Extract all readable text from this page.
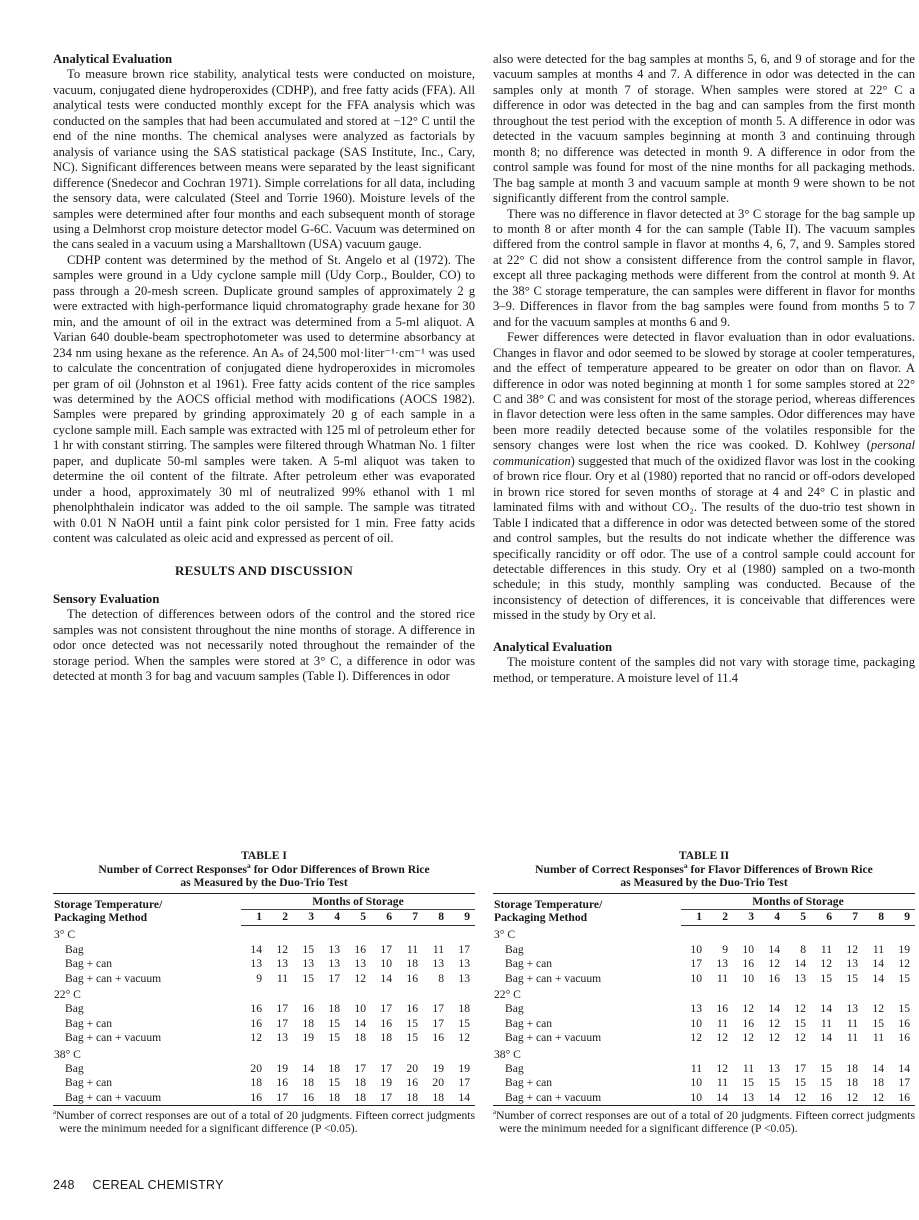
Analytical Evaluation

To measure brown rice stability, analytical tests were conducted on moisture, vacuum, conjugated diene hydroperoxides (CDHP), and free fatty acids (FFA). All analytical tests were conducted monthly except for the FFA analysis which was conducted on the samples that had been accumulated and stored at −12° C until the end of the nine months. The chemical analyses were analyzed as factorials by analysis of variance using the SAS statistical package (SAS Institute, Inc., Cary, NC). Significant differences between means were separated by the least significant difference (Snedecor and Cochran 1971). Simple correlations for all data, including the sensory data, were calculated (Steel and Torrie 1960). Moisture levels of the samples were determined after four months and each subsequent month of storage using a Delmhorst crop moisture detector model G-6C. Vacuum was determined on the cans sealed in a vacuum using a Marshalltown (USA) vacuum gauge.

CDHP content was determined by the method of St. Angelo et al (1972). The samples were ground in a Udy cyclone sample mill (Udy Corp., Boulder, CO) to pass through a 20-mesh screen. Duplicate ground samples of approximately 2 g were extracted with high-performance liquid chromatography grade hexane for 30 min, and the amount of oil in the extract was determined from a 5-ml aliquot. A Varian 640 double-beam spectrophotometer was used to determine absorbancy at 234 nm using hexane as the reference. An Aₛ of 24,500 mol·liter⁻¹·cm⁻¹ was used to calculate the concentration of conjugated diene hydroperoxides in micromoles per gram of oil (Johnston et al 1961). Free fatty acids content of the rice samples was determined by the AOCS official method with modifications (AOCS 1982). Samples were prepared by grinding approximately 20 g of each sample in a cyclone sample mill. Each sample was extracted with 125 ml of petroleum ether for 1 hr with constant stirring. The samples were filtered through Whatman No. 1 filter paper, and duplicate 50-ml samples were taken. A 5-ml aliquot was taken to determine the oil content of the filtrate. After petroleum ether was evaporated under a hood, approximately 30 ml of neutralized 99% ethanol with 1 ml phenolphthalein indicator was added to the oil sample. The sample was titrated with 0.01 N NaOH until a faint pink color persisted for 1 min. Free fatty acids content was calculated as oleic acid and expressed as percent of oil.

RESULTS AND DISCUSSION
Sensory Evaluation

The detection of differences between odors of the control and the stored rice samples was not consistent throughout the nine months of storage. A difference in odor once detected was not necessarily noted throughout the remainder of the storage period. When the samples were stored at 3° C, a difference in odor was detected at month 3 for bag and vacuum samples (Table I). Differences in odor

also were detected for the bag samples at months 5, 6, and 9 of storage and for the vacuum samples at months 4 and 7. A difference in odor was detected in the can samples only at month 7 of storage. When samples were stored at 22° C a difference in odor was detected in the bag and can samples from the first month throughout the test period with the exception of month 5. A difference in odor was detected in the vacuum samples beginning at month 3 and continuing through month 8; no difference was detected in month 9. A difference in odor from the control sample was found for most of the nine months for all packaging methods. The bag sample at month 3 and vacuum sample at month 9 were shown to be not significantly different from the control sample.

There was no difference in flavor detected at 3° C storage for the bag sample up to month 8 or after month 4 for the can sample (Table II). The vacuum samples differed from the control sample in flavor at months 4, 6, 7, and 9. Samples stored at 22° C did not show a consistent difference from the control sample in flavor, except all three packaging methods were different from the control at month 9. At the 38° C storage temperature, the can samples were different in flavor for months 3–9. Differences in flavor from the bag samples were found from months 5 to 7 and for the vacuum samples at months 6 and 9.

Fewer differences were detected in flavor evaluation than in odor evaluations. Changes in flavor and odor seemed to be slowed by storage at cooler temperatures, and the effect of temperature appeared to be greater on odor than on flavor. A difference in odor was noted beginning at month 1 for some samples stored at 22° C and 38° C and was consistent for most of the storage period, whereas differences in flavor detection were less often in the same samples. Odor differences may have been more readily detected because some of the volatiles responsible for the sensory changes were lost when the rice was cooked. D. Kohlwey (personal communication) suggested that much of the oxidized flavor was lost in the cooking of brown rice flour. Ory et al (1980) reported that no rancid or off-odors developed in brown rice stored for seven months of storage at 4 and 24° C in plastic and laminated films with and without CO₂. The results of the duo-trio test shown in Table I indicated that a difference in odor was detected between some of the stored and control samples, but the results do not indicate whether the difference was specifically rancidity or off odor. The use of a control sample could account for detectable differences in this study. Ory et al (1980) sampled on a two-month schedule; in this study, monthly sampling was conducted. Because of the inconsistency of detection of differences, it is conceivable that differences were missed in the study by Ory et al.

Analytical Evaluation

The moisture content of the samples did not vary with storage time, packaging method, or temperature. A moisture level of 11.4

TABLE I
Number of Correct Responses$^a$ for Odor Differences of Brown Rice
as Measured by the Duo-Trio Test
Storage Temperature/
Packaging Method	Months of Storage								
	1	2	3	4	5	6	7	8	9
3° C									
Bag	14	12	15	13	16	17	11	11	17
Bag + can	13	13	13	13	13	10	18	13	13
Bag + can + vacuum	9	11	15	17	12	14	16	8	13
22° C									
Bag	16	17	16	18	10	17	16	17	18
Bag + can	16	17	18	15	14	16	15	17	15
Bag + can + vacuum	12	13	19	15	18	18	15	16	12
38° C									
Bag	20	19	14	18	17	17	20	19	19
Bag + can	18	16	18	15	18	19	16	20	17
Bag + can + vacuum	16	17	16	18	18	17	18	18	14
$^a$Number of correct responses are out of a total of 20 judgments. Fifteen correct judgments were the minimum needed for a significant difference (P <0.05).
TABLE II
Number of Correct Responses$^a$ for Flavor Differences of Brown Rice
as Measured by the Duo-Trio Test
Storage Temperature/
Packaging Method	Months of Storage								
	1	2	3	4	5	6	7	8	9
3° C									
Bag	10	9	10	14	8	11	12	11	19
Bag + can	17	13	16	12	14	12	13	14	12
Bag + can + vacuum	10	11	10	16	13	15	15	14	15
22° C									
Bag	13	16	12	14	12	14	13	12	15
Bag + can	10	11	16	12	15	11	11	15	16
Bag + can + vacuum	12	12	12	12	12	14	11	11	16
38° C									
Bag	11	12	11	13	17	15	18	14	14
Bag + can	10	11	15	15	15	15	18	18	17
Bag + can + vacuum	10	14	13	14	12	16	12	12	16
$^a$Number of correct responses are out of a total of 20 judgments. Fifteen correct judgments were the minimum needed for a significant difference (P <0.05).
248 CEREAL CHEMISTRY
